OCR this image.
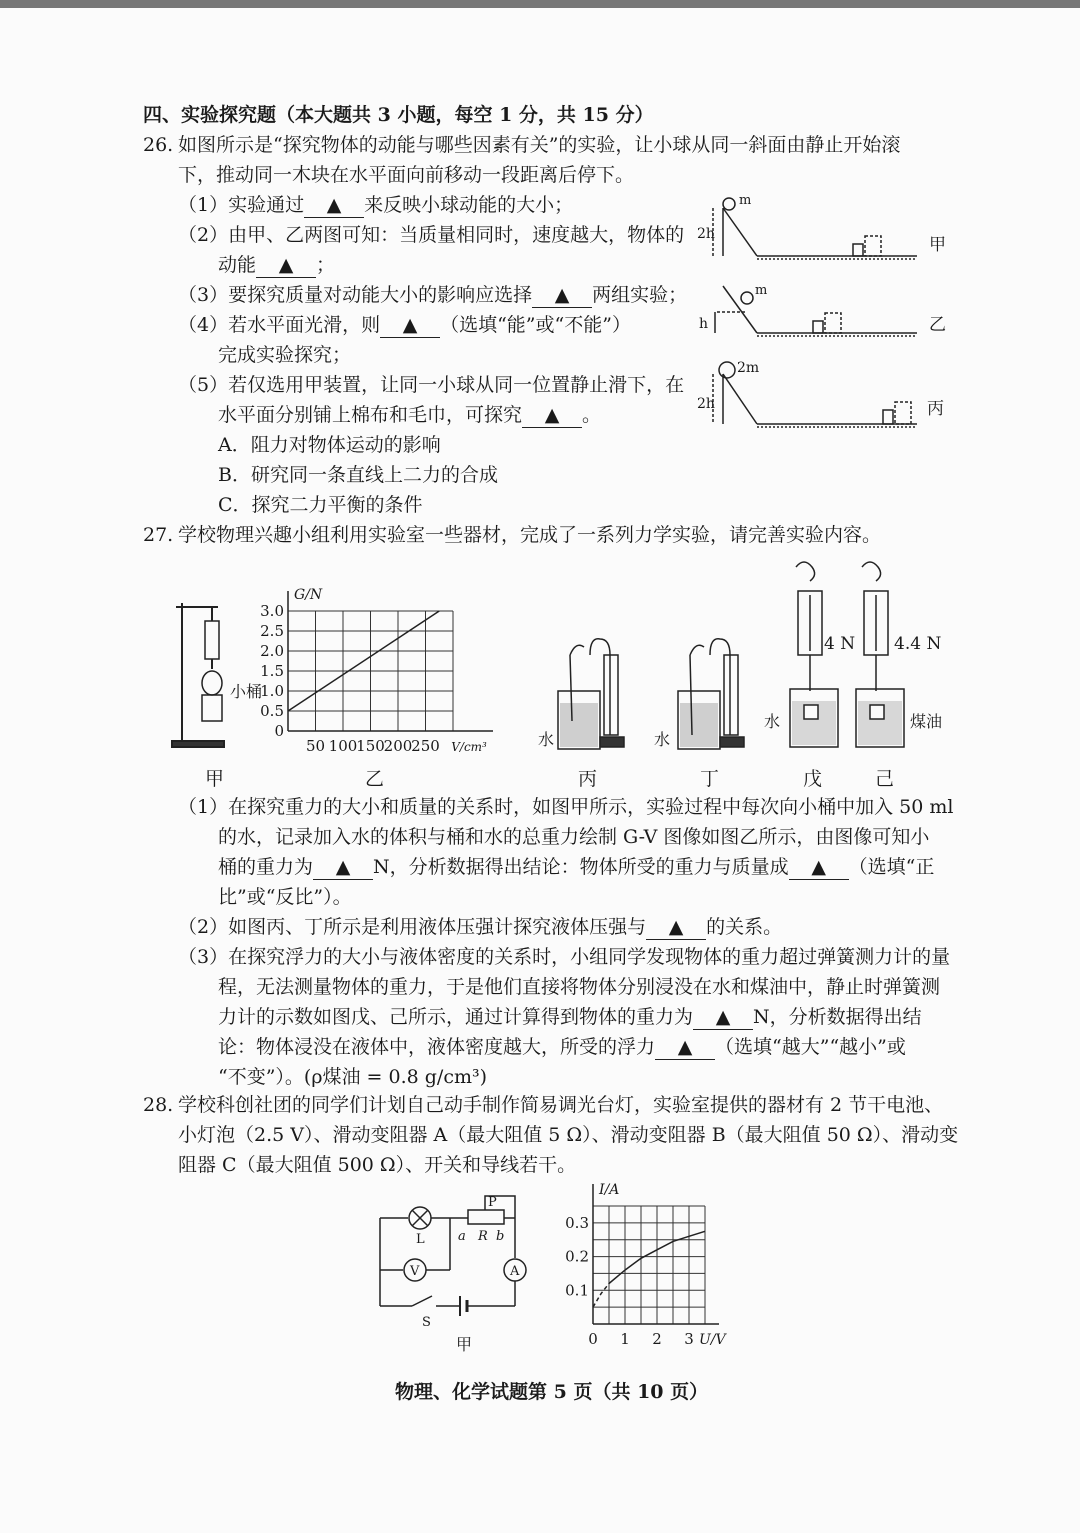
四、实验探究题（本大题共 3 小题，每空 1 分，共 15 分）
26. 如图所示是“探究物体的动能与哪些因素有关”的实验，让小球从同一斜面由静止开始滚
下，推动同一木块在水平面向前移动一段距离后停下。
（1）实验通过 ▲ 来反映小球动能的大小；
（2）由甲、乙两图可知：当质量相同时，速度越大，物体的
动能 ▲ ；
（3）要探究质量对动能大小的影响应选择 ▲ 两组实验；
（4）若水平面光滑，则 ▲ （选填“能”或“不能”）
完成实验探究；
（5）若仅选用甲装置，让同一小球从同一位置静止滑下，在
水平面分别铺上棉布和毛巾，可探究 ▲ 。
A．阻力对物体运动的影响
B．研究同一条直线上二力的合成
C．探究二力平衡的条件
m
2h
甲
m
h	乙
2m
2h	丙
27. 学校物理兴趣小组利用实验室一些器材，完成了一系列力学实验，请完善实验内容。
小桶
0
0.5
1.0
1.5
2.0
2.5
3.0
50 100
150
200
250
G/N
V/cm³	水	水
4 N 4.4 N
水	煤油
甲	乙	丙	丁	戊	己
（1）在探究重力的大小和质量的关系时，如图甲所示，实验过程中每次向小桶中加入 50 ml
的水，记录加入水的体积与桶和水的总重力绘制 G-V 图像如图乙所示，由图像可知小
桶的重力为 ▲ N，分析数据得出结论：物体所受的重力与质量成 ▲ （选填“正
比”或“反比”）。
（2）如图丙、丁所示是利用液体压强计探究液体压强与 ▲ 的关系。
（3）在探究浮力的大小与液体密度的关系时，小组同学发现物体的重力超过弹簧测力计的量
程，无法测量物体的重力，于是他们直接将物体分别浸没在水和煤油中，静止时弹簧测
力计的示数如图戊、己所示，通过计算得到物体的重力为 ▲ N，分析数据得出结
论：物体浸没在液体中，液体密度越大，所受的浮力 ▲ （选填“越大”“越小”或
“不变”）。(ρ煤油 = 0.8 g/cm³)
28. 学校科创社团的同学们计划自己动手制作简易调光台灯，实验室提供的器材有 2 节干电池、
小灯泡（2.5 V）、滑动变阻器 A（最大阻值 5 Ω）、滑动变阻器 B（最大阻值 50 Ω）、滑动变
阻器 C（最大阻值 500 Ω）、开关和导线若干。
L
P
a R b
V	A
S
甲
0.1
0.2
0.3
0 1 2 3
I/A
U/V
物理、化学试题第 5 页（共 10 页）
